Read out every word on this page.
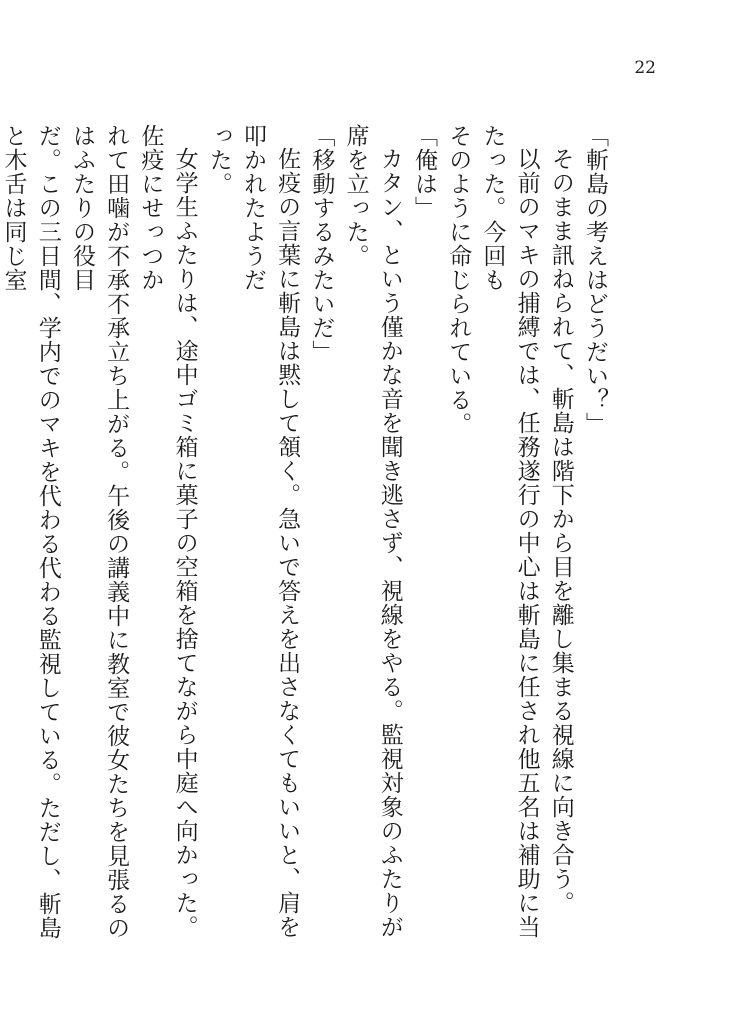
22

「斬島の考えはどうだい？」

そのまま訊ねられて、斬島は階下から目を離し集まる視線に向き合う。

以前のマキの捕縛では、任務遂行の中心は斬島に任され他五名は補助に当たった。今回も

そのように命じられている。

「俺は」

カタン、という僅かな音を聞き逃さず、視線をやる。監視対象のふたりが席を立った。

「移動するみたいだ」

佐疫の言葉に斬島は黙して頷く。急いで答えを出さなくてもいいと、肩を叩かれたようだ

った。

女学生ふたりは、途中ゴミ箱に菓子の空箱を捨てながら中庭へ向かった。佐疫にせっつか

れて田噛が不承不承立ち上がる。午後の講義中に教室で彼女たちを見張るのはふたりの役目

だ。この三日間、学内でのマキを代わる代わる監視している。ただし、斬島と木舌は同じ室
